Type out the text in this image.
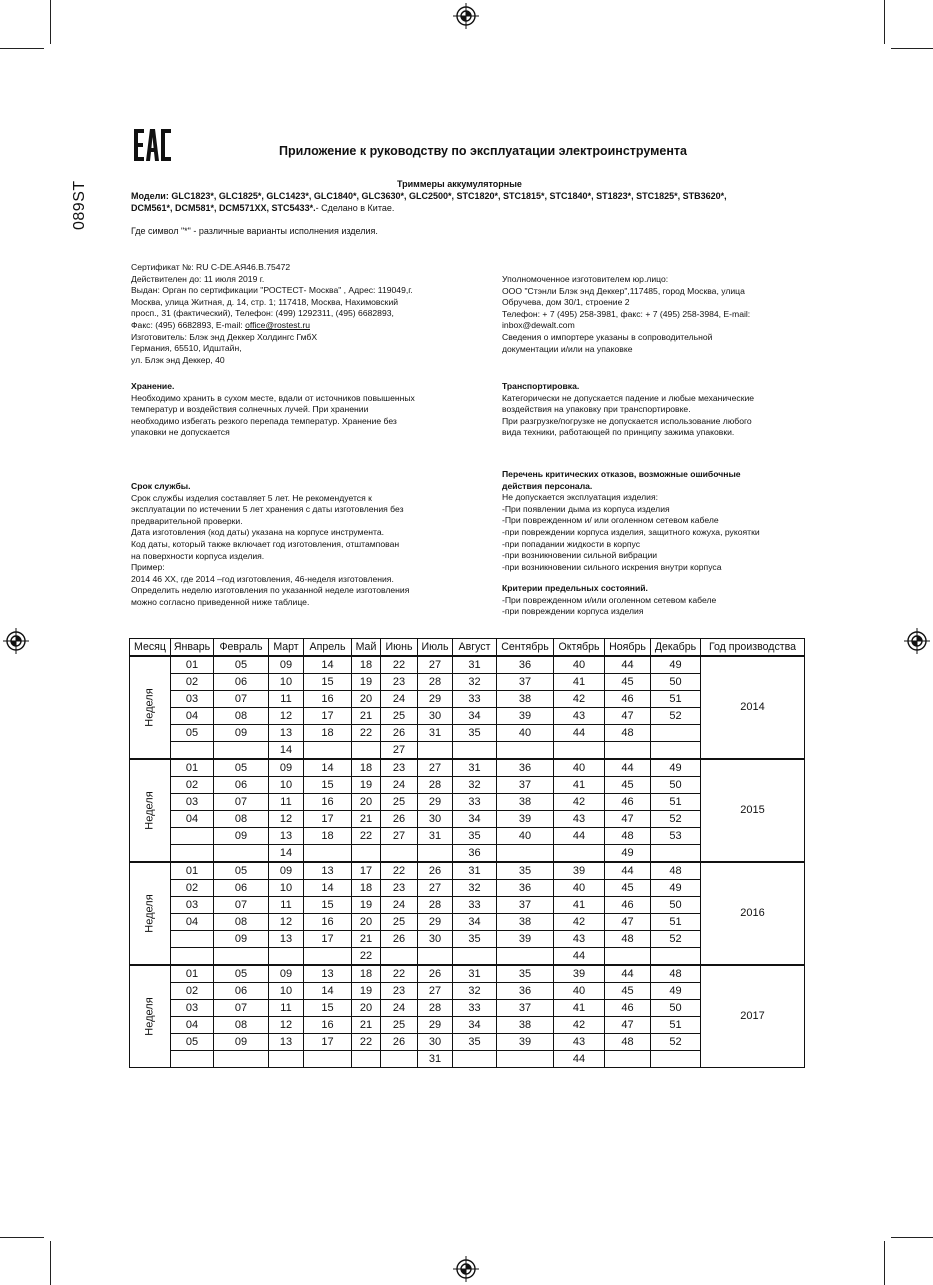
089ST
Приложение к руководству по эксплуатации электроинструмента
Триммеры аккумуляторные
Модели: GLC1823*, GLC1825*, GLC1423*, GLC1840*, GLC3630*, GLC2500*, STC1820*, STC1815*, STC1840*, ST1823*, STC1825*, STB3620*,
DCM561*, DCM581*, DCM571XX, STC5433*.- Сделано в Китае.
Где символ "*" - различные варианты исполнения изделия.
Сертификат №: RU C-DE.АЯ46.В.75472
Действителен до: 11 июля 2019 г.
Выдан: Орган по сертификации "РОСТЕСТ- Москва" , Адрес: 119049,г.
Москва, улица Житная, д. 14, стр. 1; 117418, Москва, Нахимовский
просп., 31 (фактический), Телефон: (499) 1292311, (495) 6682893,
Факс: (495) 6682893, E-mail: office@rostest.ru
Изготовитель: Блэк энд Деккер Холдингс ГмбХ
Германия, 65510, Идштайн,
ул. Блэк энд Деккер, 40
Уполномоченное изготовителем юр.лицо:
ООО "Стэнли Блэк энд Деккер",117485, город Москва, улица
Обручева, дом 30/1, строение 2
Телефон: + 7 (495) 258-3981, факс: + 7 (495) 258-3984, E-mail:
inbox@dewalt.com
Сведения о импортере указаны в сопроводительной
документации и/или на упаковке
Хранение.
Необходимо хранить в сухом месте, вдали от источников повышенных
температур и воздействия солнечных лучей. При хранении
необходимо избегать резкого перепада температур. Хранение без
упаковки не допускается
Транспортировка.
Категорически не допускается падение и любые механические
воздействия на упаковку при транспортировке.
При разгрузке/погрузке не допускается использование любого
вида техники, работающей по принципу зажима упаковки.
Срок службы.
Срок службы изделия составляет 5 лет. Не рекомендуется к
эксплуатации по истечении 5 лет хранения с даты изготовления без
предварительной проверки.
Дата изготовления (код даты) указана на корпусе инструмента.
Код даты, который также включает год изготовления, отштампован
на поверхности корпуса изделия.
Пример:
2014 46 XX, где 2014 –год изготовления, 46-неделя изготовления.
Определить неделю изготовления по указанной неделе изготовления
можно согласно приведенной ниже таблице.
Перечень критических отказов, возможные ошибочные
действия персонала.
Не допускается эксплуатация изделия:
-При появлении дыма из корпуса изделия
-При поврежденном и/ или оголенном сетевом кабеле
-при повреждении корпуса изделия, защитного кожуха, рукоятки
-при попадании жидкости в корпус
-при возникновении сильной вибрации
-при возникновении сильного искрения внутри корпуса
Критерии предельных состояний.
-При поврежденном и/или оголенном сетевом кабеле
-при повреждении корпуса изделия
Месяц	Январь	Февраль	Март	Апрель	Май	Июнь	Июль	Август	Сентябрь	Октябрь	Ноябрь	Декабрь	Год производства
Неделя	01	05	09	14	18	22	27	31	36	40	44	49	2014
	02	06	10	15	19	23	28	32	37	41	45	50	
	03	07	11	16	20	24	29	33	38	42	46	51	
	04	08	12	17	21	25	30	34	39	43	47	52	
	05	09	13	18	22	26	31	35	40	44	48		
			14			27							
Неделя	01	05	09	14	18	23	27	31	36	40	44	49	2015
	02	06	10	15	19	24	28	32	37	41	45	50	
	03	07	11	16	20	25	29	33	38	42	46	51	
	04	08	12	17	21	26	30	34	39	43	47	52	
		09	13	18	22	27	31	35	40	44	48	53	
			14					36			49		
Неделя	01	05	09	13	17	22	26	31	35	39	44	48	2016
	02	06	10	14	18	23	27	32	36	40	45	49	
	03	07	11	15	19	24	28	33	37	41	46	50	
	04	08	12	16	20	25	29	34	38	42	47	51	
		09	13	17	21	26	30	35	39	43	48	52	
					22					44			
Неделя	01	05	09	13	18	22	26	31	35	39	44	48	2017
	02	06	10	14	19	23	27	32	36	40	45	49	
	03	07	11	15	20	24	28	33	37	41	46	50	
	04	08	12	16	21	25	29	34	38	42	47	51	
	05	09	13	17	22	26	30	35	39	43	48	52	
							31			44			
